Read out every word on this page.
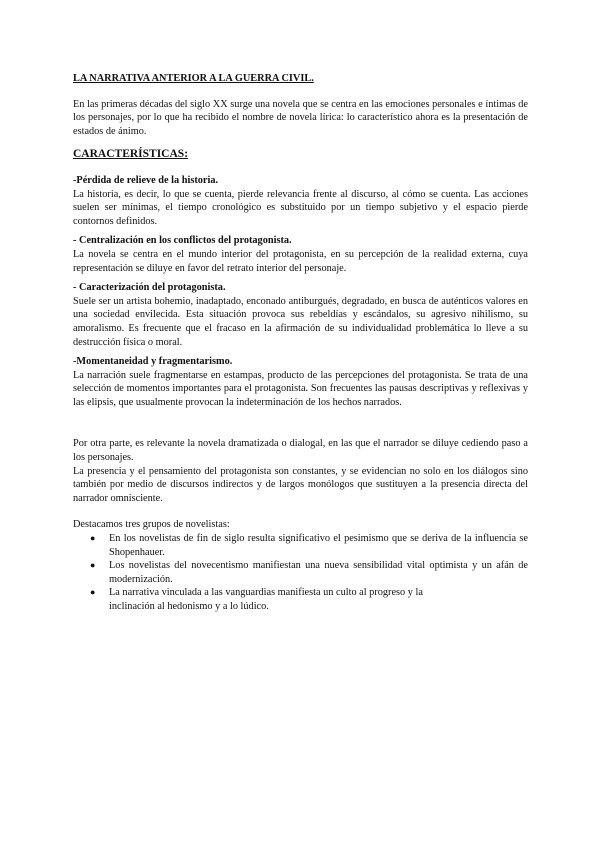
LA NARRATIVA ANTERIOR A LA GUERRA CIVIL.

En las primeras décadas del siglo XX surge una novela que se centra en las emociones personales e íntimas de los personajes, por lo que ha recibido el nombre de novela lírica: lo característico ahora es la presentación de estados de ánimo.

CARACTERÍSTICAS:
-Pérdida de relieve de la historia.

La historia, es decir, lo que se cuenta, pierde relevancia frente al discurso, al cómo se cuenta. Las acciones suelen ser mínimas, el tiempo cronológico es substituido por un tiempo subjetivo y el espacio pierde contornos definidos.

- Centralización en los conflictos del protagonista.

La novela se centra en el mundo interior del protagonista, en su percepción de la realidad externa, cuya representación se diluye en favor del retrato interior del personaje.

- Caracterización del protagonista.

Suele ser un artista bohemio, inadaptado, enconado antiburgués, degradado, en busca de auténticos valores en una sociedad envilecida. Esta situación provoca sus rebeldías y escándalos, su agresivo nihilismo, su amoralismo. Es frecuente que el fracaso en la afirmación de su individualidad problemática lo lleve a su destrucción física o moral.

-Momentaneidad y fragmentarismo.

La narración suele fragmentarse en estampas, producto de las percepciones del protagonista. Se trata de una selección de momentos importantes para el protagonista. Son frecuentes las pausas descriptivas y reflexivas y las elipsis, que usualmente provocan la indeterminación de los hechos narrados.

Por otra parte, es relevante la novela dramatizada o dialogal, en las que el narrador se diluye cediendo paso a los personajes.

La presencia y el pensamiento del protagonista son constantes, y se evidencian no solo en los diálogos sino también por medio de discursos indirectos y de largos monólogos que sustituyen a la presencia directa del narrador omnisciente.

Destacamos tres grupos de novelistas:

● En los novelistas de fin de siglo resulta significativo el pesimismo que se deriva de la influencia se Shopenhauer.
● Los novelistas del novecentismo manifiestan una nueva sensibilidad vital optimista y un afán de modernización.
● La narrativa vinculada a las vanguardias manifiesta un culto al progreso y la inclinación al hedonismo y a lo lúdico.
